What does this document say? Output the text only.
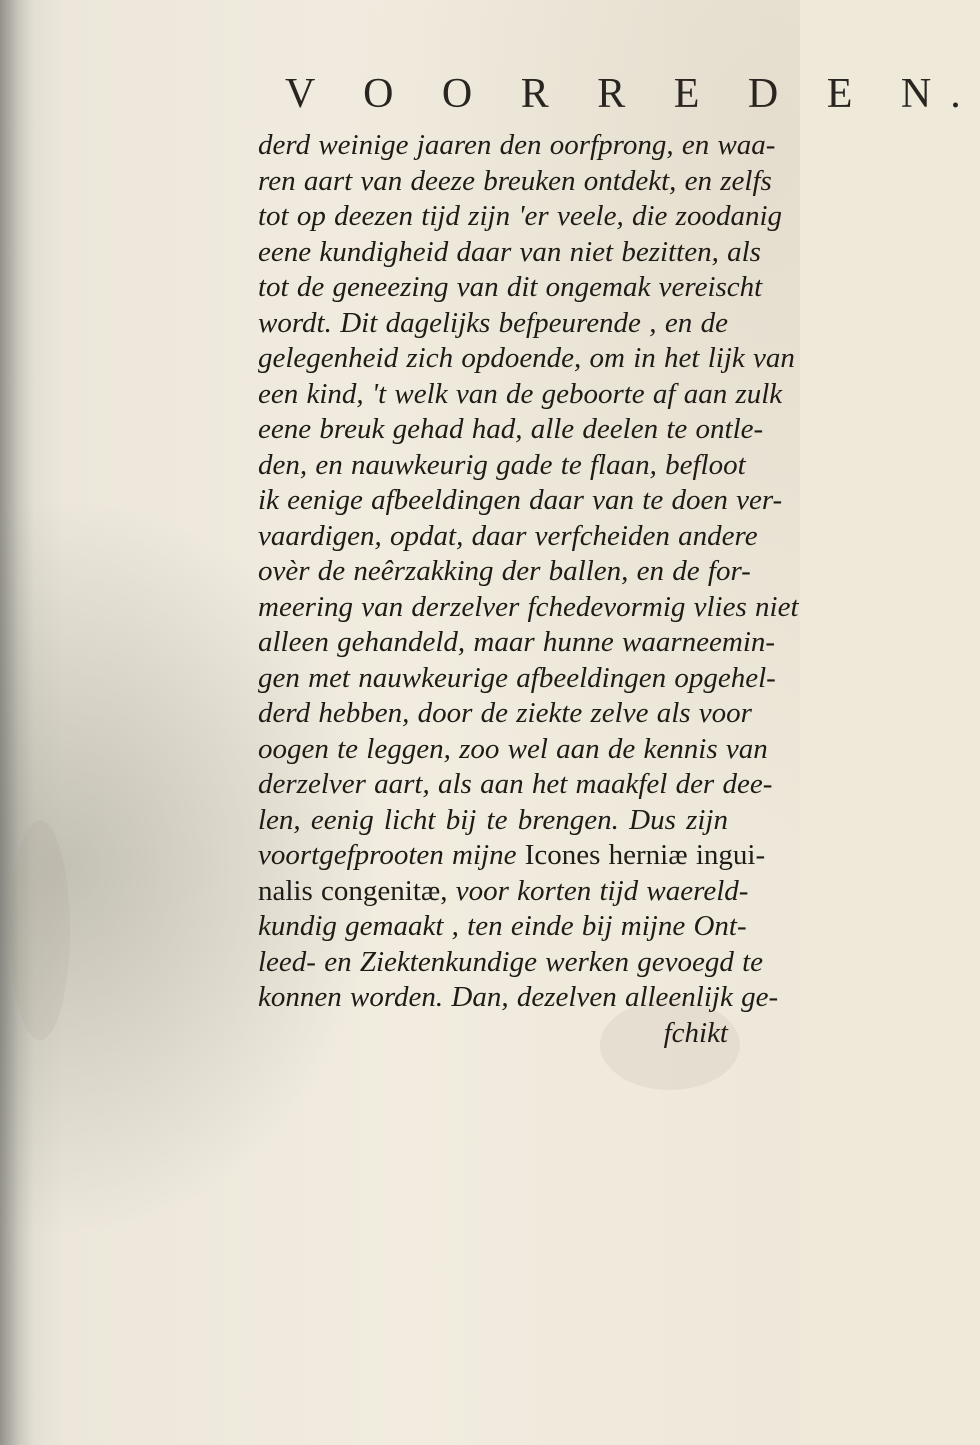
V O O R R E D E N.
derd weinige jaaren den oorfprong, en waa-
ren aart van deeze breuken ontdekt, en zelfs
tot op deezen tijd zijn 'er veele, die zoodanig
eene kundigheid daar van niet bezitten, als
tot de geneezing van dit ongemak vereischt
wordt. Dit dagelijks befpeurende , en de
gelegenheid zich opdoende, om in het lijk van
een kind, 't welk van de geboorte af aan zulk
eene breuk gehad had, alle deelen te ontle-
den, en nauwkeurig gade te flaan, befloot
ik eenige afbeeldingen daar van te doen ver-
vaardigen, opdat, daar verfcheiden andere
ovèr de neêrzakking der ballen, en de for-
meering van derzelver fchedevormig vlies niet
alleen gehandeld, maar hunne waarneemin-
gen met nauwkeurige afbeeldingen opgehel-
derd hebben, door de ziekte zelve als voor
oogen te leggen, zoo wel aan de kennis van
derzelver aart, als aan het maakfel der dee-
len, eenig licht bij te brengen. Dus zijn
voortgefprooten mijne Icones herniæ ingui-
nalis congenitæ, voor korten tijd waereld-
kundig gemaakt , ten einde bij mijne Ont-
leed- en Ziektenkundige werken gevoegd te
konnen worden. Dan, dezelven alleenlijk ge-
fchikt
